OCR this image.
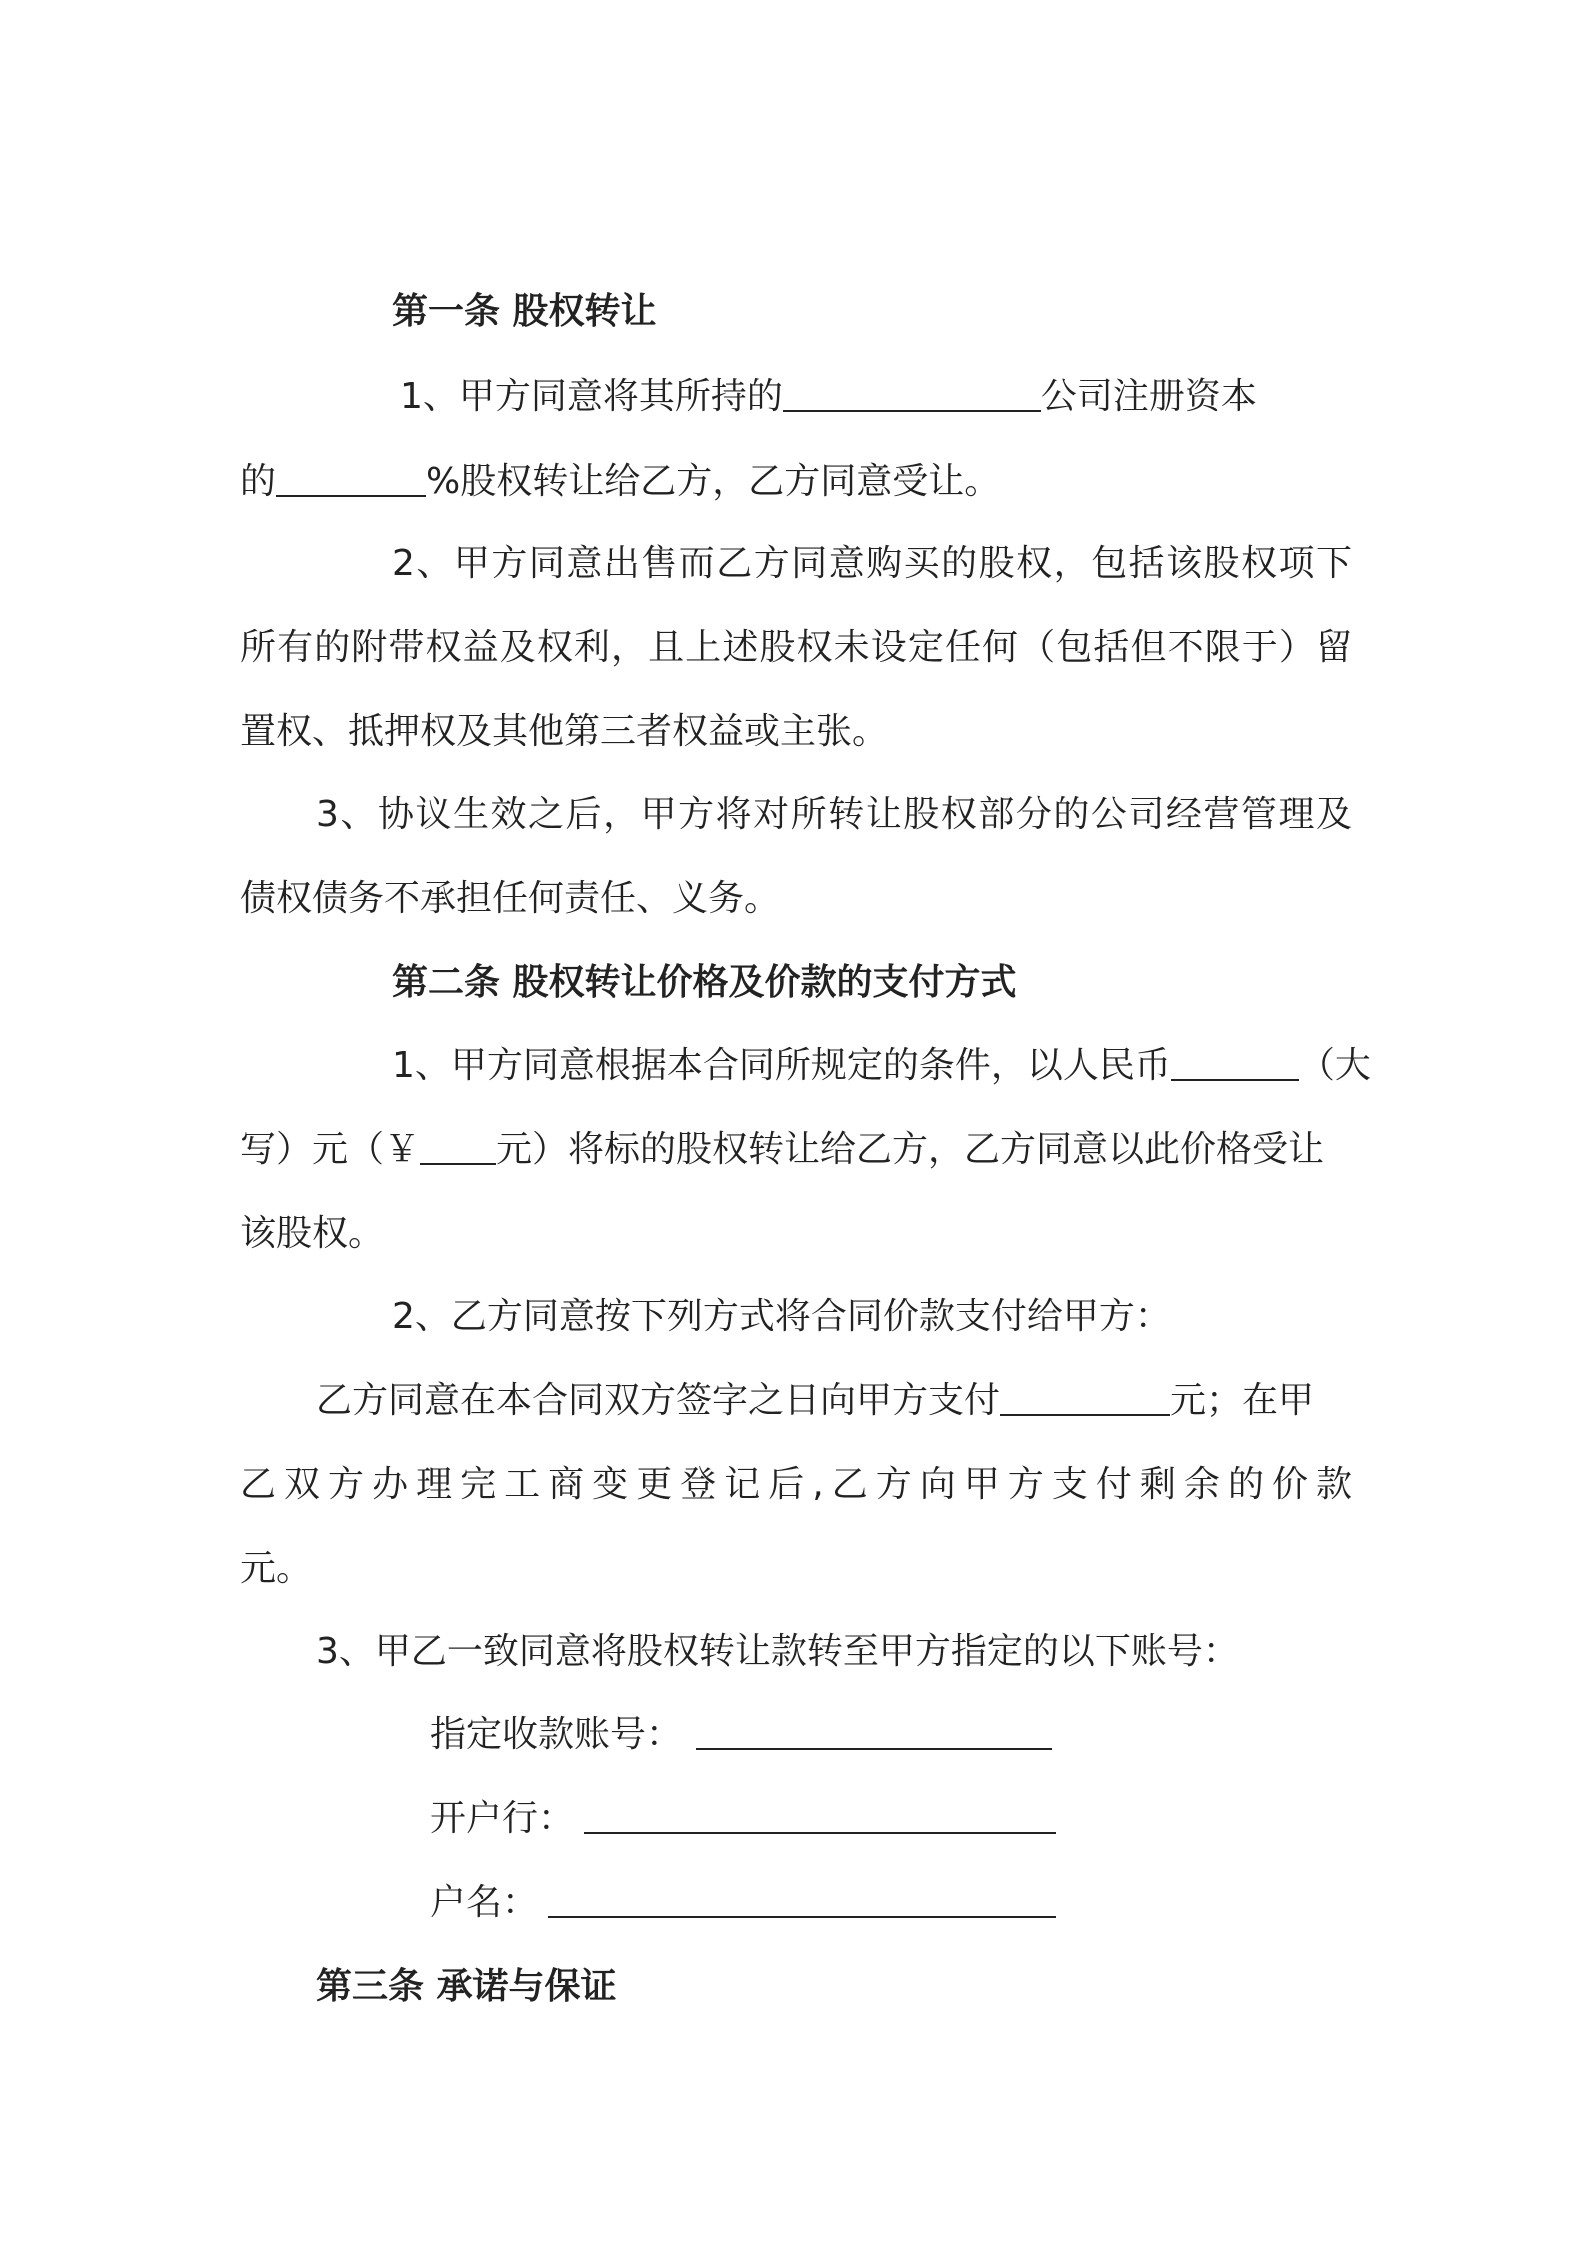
第一条 股权转让
1、甲方同意将其所持的	公司注册资本
的	%股权转让给乙方，乙方同意受让。
2、甲方同意出售而乙方同意购买的股权，包括该股权项下
所有的附带权益及权利，且上述股权未设定任何（包括但不限于）留
置权、抵押权及其他第三者权益或主张。
3、协议生效之后，甲方将对所转让股权部分的公司经营管理及
债权债务不承担任何责任、义务。
第二条 股权转让价格及价款的支付方式
1、甲方同意根据本合同所规定的条件，以人民币	（大
写）元（￥ 元）将标的股权转让给乙方，乙方同意以此价格受让
该股权。
2、乙方同意按下列方式将合同价款支付给甲方：
乙方同意在本合同双方签字之日向甲方支付	元；在甲
乙双方办理完工商变更登记后,乙方向甲方支付剩余的价款
元。
3、甲乙一致同意将股权转让款转至甲方指定的以下账号：
指定收款账号：
开户行：
户名：
第三条 承诺与保证
